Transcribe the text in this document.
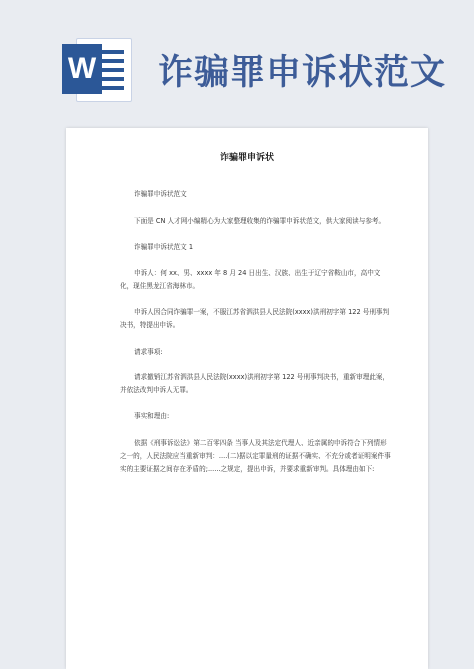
W 诈骗罪申诉状范文
诈骗罪申诉状
诈骗罪申诉状范文
下面是 CN 人才网小编精心为大家整理收集的诈骗罪申诉状范文，供大家阅读与参考。
诈骗罪申诉状范文 1
申诉人：何 xx、男、xxxx 年 8 月 24 日出生、汉族、出生于辽宁省鞍山市，高中文化，现住黑龙江省海林市。
申诉人因合同诈骗罪一案，不服江苏省泗洪县人民法院(xxxx)洪刑初字第 122 号刑事判决书，特提出申诉。
请求事项:
请求撤销江苏省泗洪县人民法院(xxxx)洪刑初字第 122 号刑事判决书，重新审理此案，并依法改判申诉人无罪。
事实和理由:
依据《刑事诉讼法》第二百零四条 当事人及其法定代理人、近亲属的申诉符合下列情形之一的，人民法院应当重新审判：....(二)据以定罪量刑的证据不确实、不充分或者证明案件事实的主要证据之间存在矛盾的;......之规定，提出申诉，并要求重新审判。具体理由如下:
